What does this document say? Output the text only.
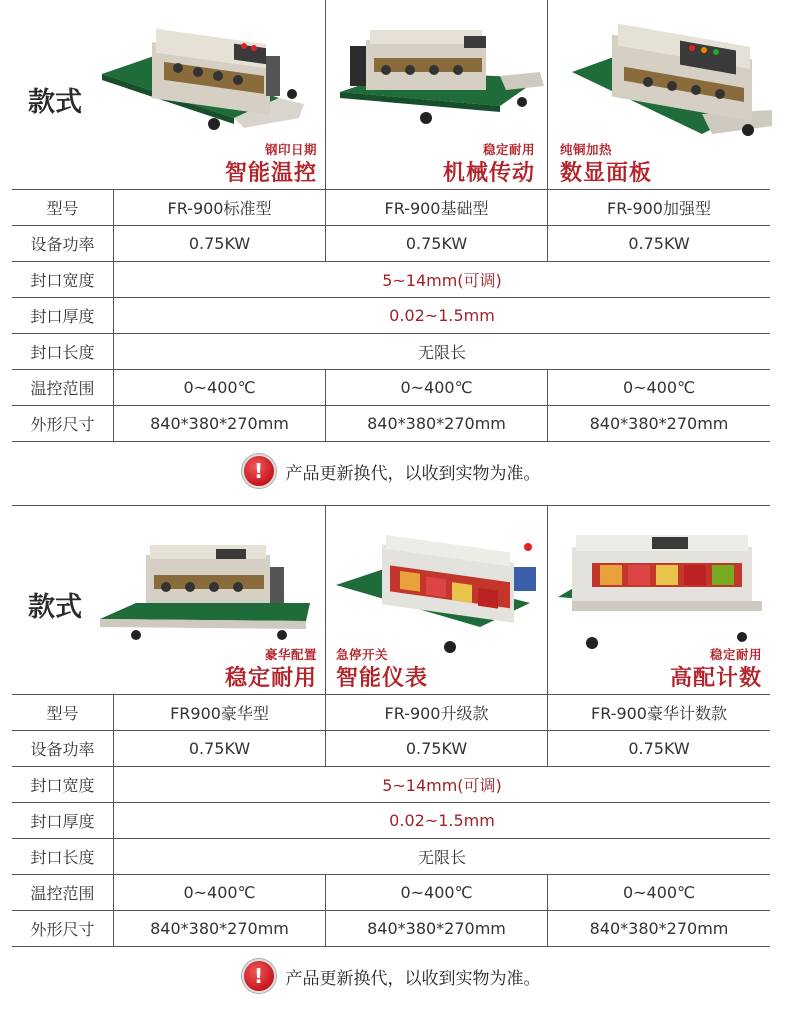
款式
钢印日期
智能温控
稳定耐用
机械传动
纯铜加热
数显面板
型号	FR-900标准型	FR-900基础型	FR-900加强型
设备功率	0.75KW	0.75KW	0.75KW
封口宽度	5~14mm(可调)
封口厚度	0.02~1.5mm
封口长度	无限长
温控范围	0~400℃	0~400℃	0~400℃
外形尺寸	840*380*270mm	840*380*270mm	840*380*270mm
! 产品更新换代，以收到实物为准。
款式
豪华配置
稳定耐用
急停开关
智能仪表
稳定耐用
高配计数
型号	FR900豪华型	FR-900升级款	FR-900豪华计数款
设备功率	0.75KW	0.75KW	0.75KW
封口宽度	5~14mm(可调)
封口厚度	0.02~1.5mm
封口长度	无限长
温控范围	0~400℃	0~400℃	0~400℃
外形尺寸	840*380*270mm	840*380*270mm	840*380*270mm
! 产品更新换代，以收到实物为准。
